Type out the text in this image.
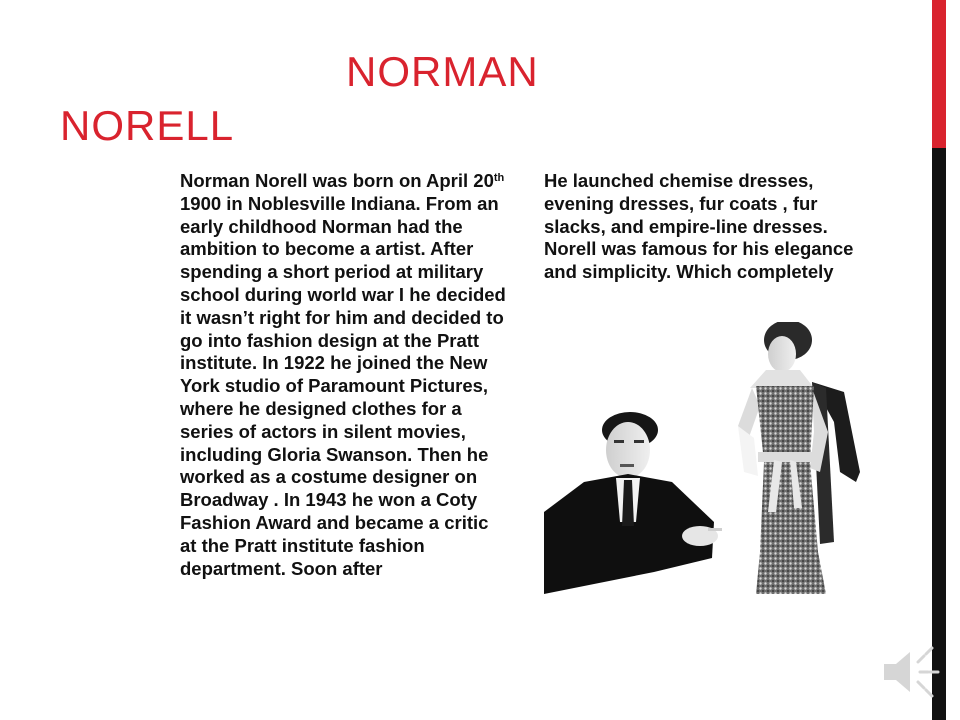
NORMAN
NORELL
Norman Norell was born on April 20th 1900 in Noblesville Indiana. From an early childhood Norman had the ambition to become a artist. After spending a short period at military school during world war I he decided it wasn’t right for him and decided to go into fashion design at the Pratt institute. In 1922 he joined the New York studio of Paramount Pictures, where he designed clothes for a series of actors in silent movies, including Gloria Swanson. Then he worked as a costume designer on Broadway . In 1943 he won a Coty Fashion Award and became a critic at the Pratt institute fashion department. Soon after
He launched chemise dresses, evening dresses, fur coats , fur slacks, and empire-line dresses. Norell was famous for his elegance and simplicity. Which completely
